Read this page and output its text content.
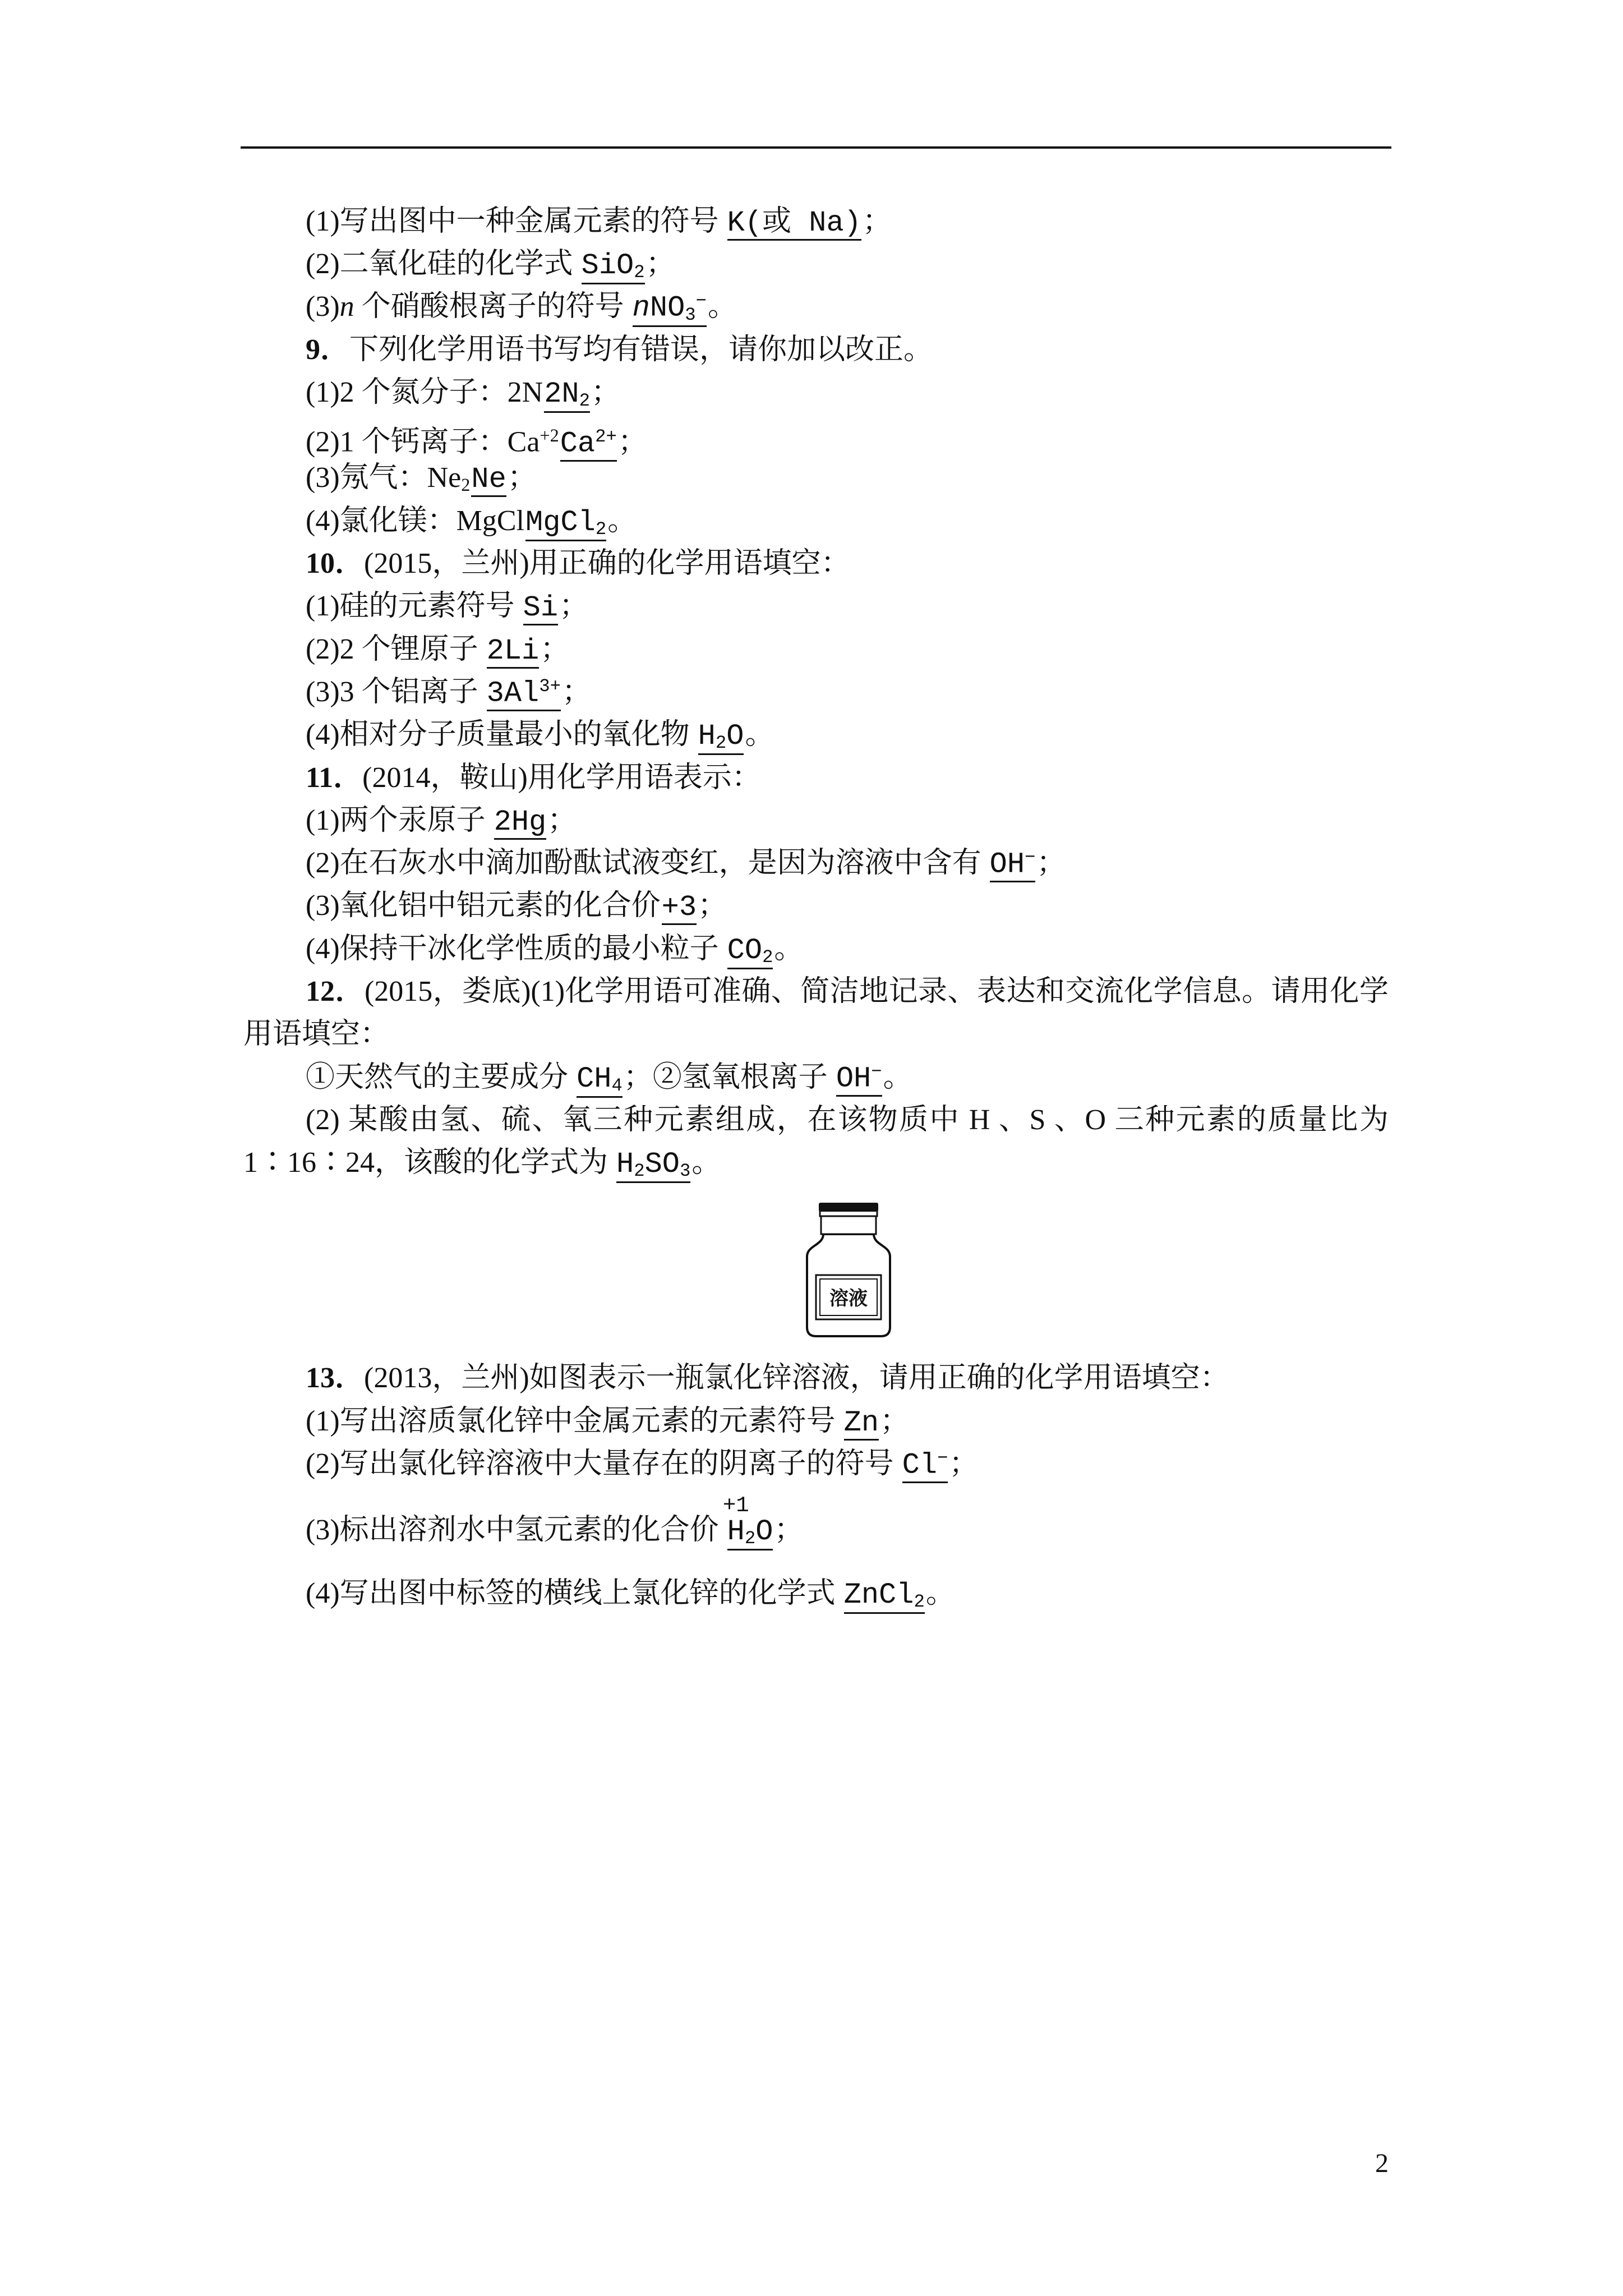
(1)写出图中一种金属元素的符号 K(或 Na)；
(2)二氧化硅的化学式 SiO$_2$；
(3)n 个硝酸根离子的符号 nNO$_3$−。
9．下列化学用语书写均有错误，请你加以改正。
(1)2 个氮分子：$2N2N_2$；
(2)1 个钙离子：$Ca^{+2}Ca^{2+}$；
(3)氖气：$Ne_2Ne$；
(4)氯化镁：MgClMgCl$_2$。
10．(2015，兰州)用正确的化学用语填空：
(1)硅的元素符号 Si；
(2)2 个锂原子 2Li；
(3)3 个铝离子 $3Al^{3+}$；
(4)相对分子质量最小的氧化物 $H_2O$。
11．(2014，鞍山)用化学用语表示：
(1)两个汞原子 2Hg；
(2)在石灰水中滴加酚酞试液变红，是因为溶液中含有 OH−；
(3)氧化铝中铝元素的化合价+3；
(4)保持干冰化学性质的最小粒子 $CO_2$。
12．(2015，娄底)(1)化学用语可准确、简洁地记录、表达和交流化学信息。请用化学
用语填空：
①天然气的主要成分 $CH_4$；②氢氧根离子 OH−。
(2) 某酸由氢、硫、氧三种元素组成，在该物质中 H 、S 、O 三种元素的质量比为
1∶16∶24，该酸的化学式为 $H_2SO_3$。
溶液
13．(2013，兰州)如图表示一瓶氯化锌溶液，请用正确的化学用语填空：
(1)写出溶质氯化锌中金属元素的元素符号 Zn；
(2)写出氯化锌溶液中大量存在的阴离子的符号 Cl−；
(3)标出溶剂水中氢元素的化合价
+1
$H_2O$；
(4)写出图中标签的横线上氯化锌的化学式 ZnCl$_2$。
2
